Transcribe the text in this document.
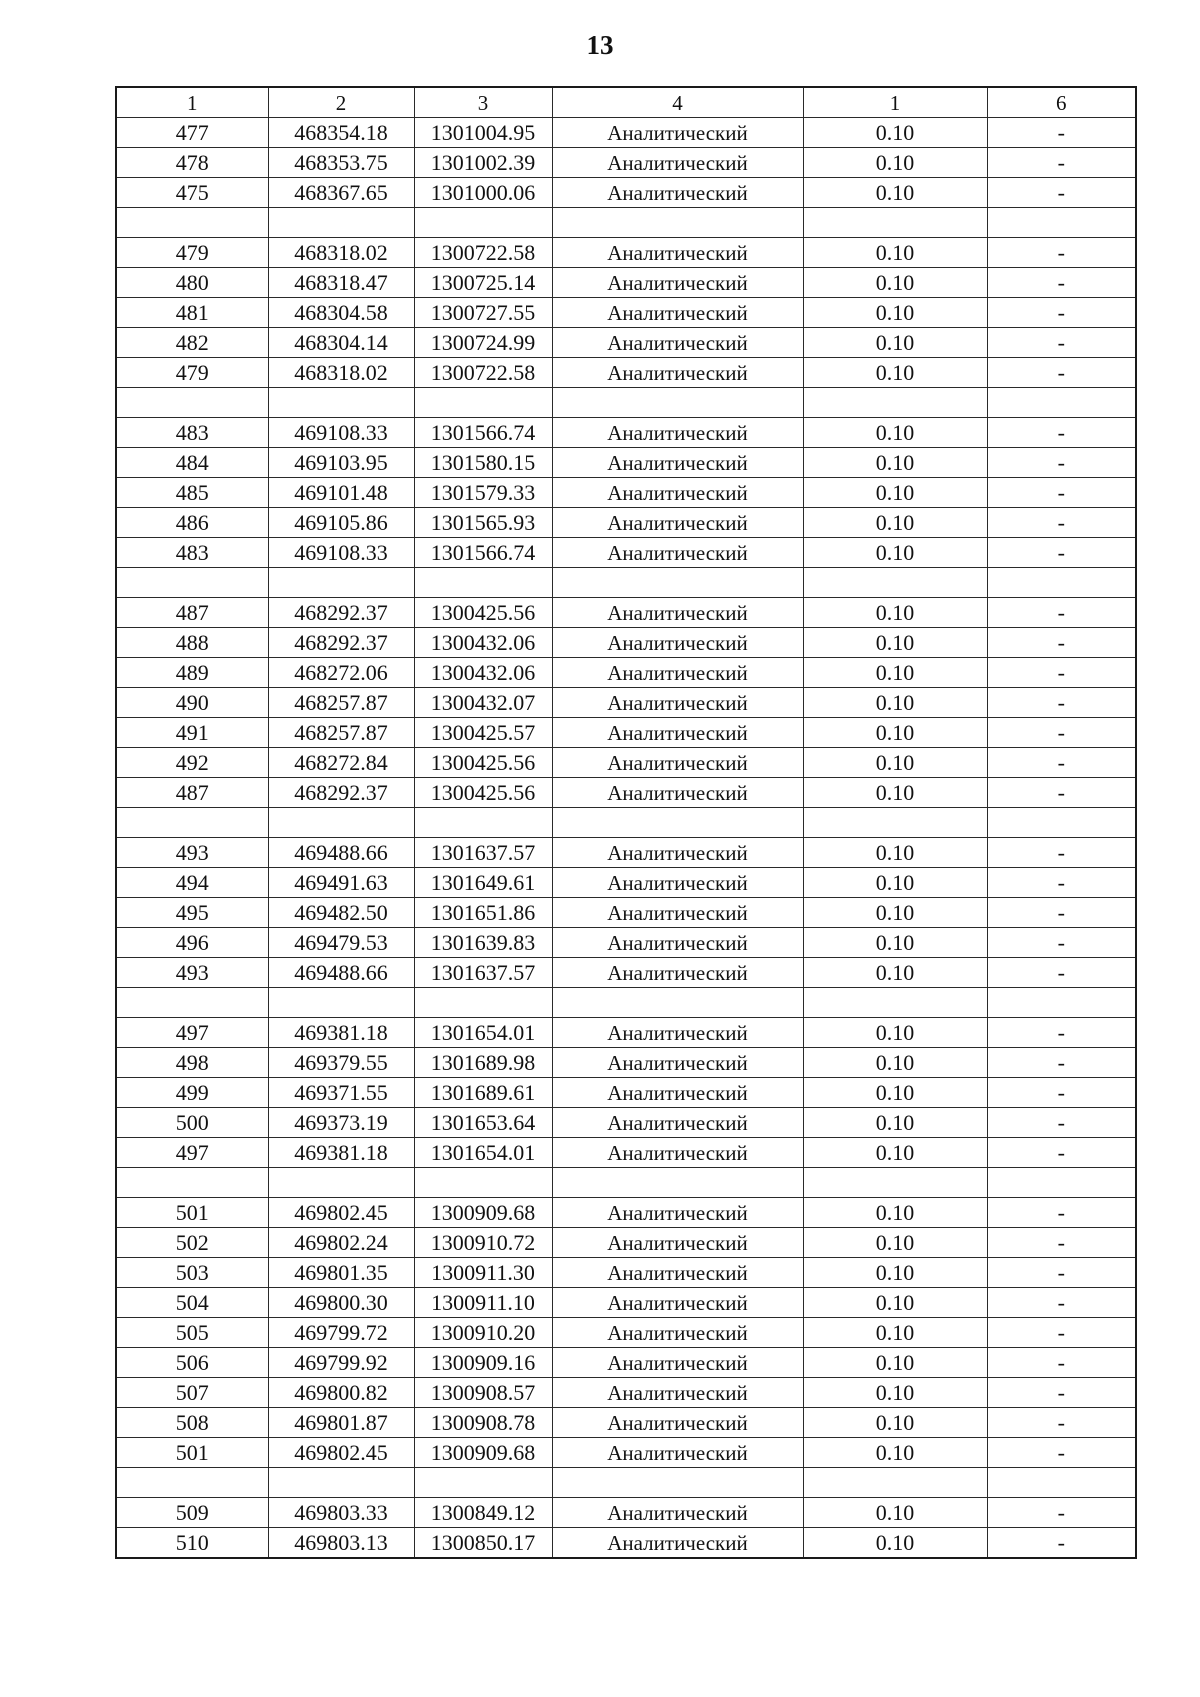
13
1	2	3	4	1	6
477	468354.18	1301004.95	Аналитический	0.10	-
478	468353.75	1301002.39	Аналитический	0.10	-
475	468367.65	1301000.06	Аналитический	0.10	-

479	468318.02	1300722.58	Аналитический	0.10	-
480	468318.47	1300725.14	Аналитический	0.10	-
481	468304.58	1300727.55	Аналитический	0.10	-
482	468304.14	1300724.99	Аналитический	0.10	-
479	468318.02	1300722.58	Аналитический	0.10	-

483	469108.33	1301566.74	Аналитический	0.10	-
484	469103.95	1301580.15	Аналитический	0.10	-
485	469101.48	1301579.33	Аналитический	0.10	-
486	469105.86	1301565.93	Аналитический	0.10	-
483	469108.33	1301566.74	Аналитический	0.10	-

487	468292.37	1300425.56	Аналитический	0.10	-
488	468292.37	1300432.06	Аналитический	0.10	-
489	468272.06	1300432.06	Аналитический	0.10	-
490	468257.87	1300432.07	Аналитический	0.10	-
491	468257.87	1300425.57	Аналитический	0.10	-
492	468272.84	1300425.56	Аналитический	0.10	-
487	468292.37	1300425.56	Аналитический	0.10	-

493	469488.66	1301637.57	Аналитический	0.10	-
494	469491.63	1301649.61	Аналитический	0.10	-
495	469482.50	1301651.86	Аналитический	0.10	-
496	469479.53	1301639.83	Аналитический	0.10	-
493	469488.66	1301637.57	Аналитический	0.10	-

497	469381.18	1301654.01	Аналитический	0.10	-
498	469379.55	1301689.98	Аналитический	0.10	-
499	469371.55	1301689.61	Аналитический	0.10	-
500	469373.19	1301653.64	Аналитический	0.10	-
497	469381.18	1301654.01	Аналитический	0.10	-

501	469802.45	1300909.68	Аналитический	0.10	-
502	469802.24	1300910.72	Аналитический	0.10	-
503	469801.35	1300911.30	Аналитический	0.10	-
504	469800.30	1300911.10	Аналитический	0.10	-
505	469799.72	1300910.20	Аналитический	0.10	-
506	469799.92	1300909.16	Аналитический	0.10	-
507	469800.82	1300908.57	Аналитический	0.10	-
508	469801.87	1300908.78	Аналитический	0.10	-
501	469802.45	1300909.68	Аналитический	0.10	-

509	469803.33	1300849.12	Аналитический	0.10	-
510	469803.13	1300850.17	Аналитический	0.10	-
